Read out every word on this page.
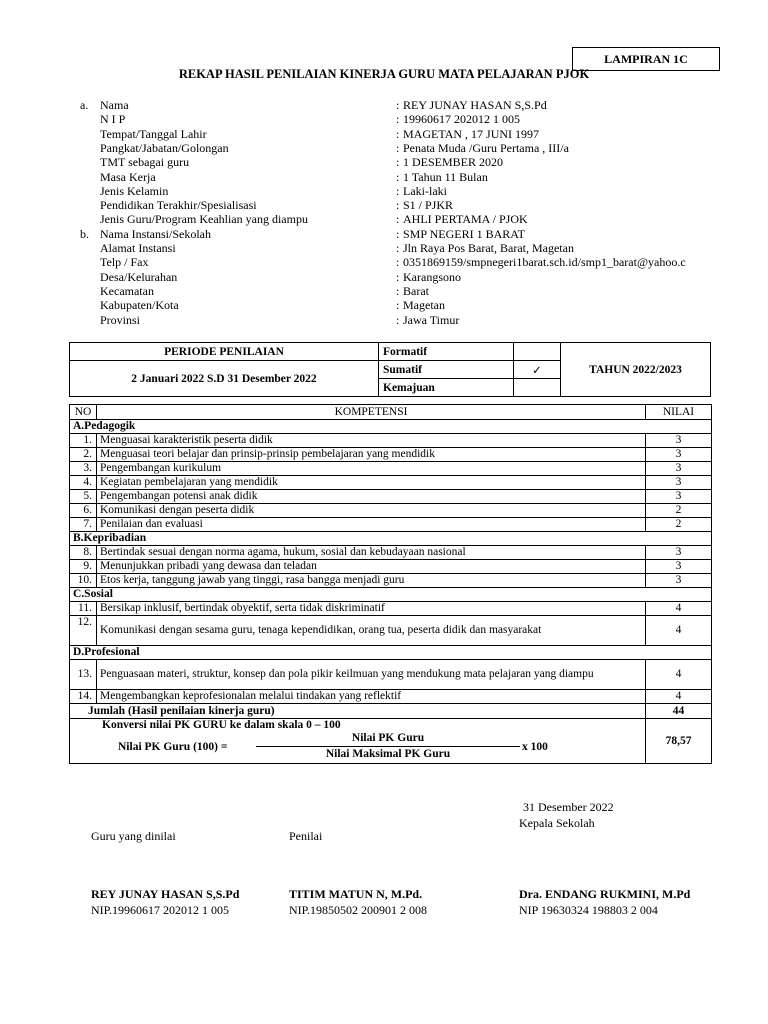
LAMPIRAN 1C
REKAP HASIL PENILAIAN KINERJA GURU MATA PELAJARAN PJOK
a. Nama	: REY JUNAY HASAN S,S.Pd
N I P	: 19960617 202012 1 005
Tempat/Tanggal Lahir	: MAGETAN , 17 JUNI 1997
Pangkat/Jabatan/Golongan	: Penata Muda /Guru Pertama , III/a
TMT sebagai guru	: 1 DESEMBER 2020
Masa Kerja	: 1 Tahun 11 Bulan
Jenis Kelamin	: Laki-laki
Pendidikan Terakhir/Spesialisasi	: S1 / PJKR
Jenis Guru/Program Keahlian yang diampu	: AHLI PERTAMA / PJOK
b. Nama Instansi/Sekolah	: SMP NEGERI 1 BARAT
Alamat Instansi	: Jln Raya Pos Barat, Barat, Magetan
Telp / Fax	: 0351869159/smpnegeri1barat.sch.id/smp1_barat@yahoo.c
Desa/Kelurahan	: Karangsono
Kecamatan	: Barat
Kabupaten/Kota	: Magetan
Provinsi	: Jawa Timur
PERIODE PENILAIAN	Formatif		TAHUN 2022/2023
2 Januari 2022 S.D 31 Desember 2022	Sumatif	✓	
	Kemajuan		
NO	KOMPETENSI	NILAI
A.Pedagogik		
1.	Menguasai karakteristik peserta didik	3
2.	Menguasai teori belajar dan prinsip-prinsip pembelajaran yang mendidik	3
3.	Pengembangan kurikulum	3
4.	Kegiatan pembelajaran yang mendidik	3
5.	Pengembangan potensi anak didik	3
6.	Komunikasi dengan peserta didik	2
7.	Penilaian dan evaluasi	2
B.Kepribadian		
8.	Bertindak sesuai dengan norma agama, hukum, sosial dan kebudayaan nasional	3
9.	Menunjukkan pribadi yang dewasa dan teladan	3
10.	Etos kerja, tanggung jawab yang tinggi, rasa bangga menjadi guru	3
C.Sosial		
11.	Bersikap inklusif, bertindak obyektif, serta tidak diskriminatif	4
12.	Komunikasi dengan sesama guru, tenaga kependidikan, orang tua, peserta didik dan masyarakat	4
D.Profesional		
13.	Penguasaan materi, struktur, konsep dan pola pikir keilmuan yang mendukung mata pelajaran yang diampu	4
14.	Mengembangkan keprofesionalan melalui tindakan yang reflektif	4
Jumlah (Hasil penilaian kinerja guru)		44

Konversi nilai PK GURU ke dalam skala 0 – 100
Nilai PK Guru (100) =
Nilai PK Guru
Nilai Maksimal PK Guru
x 100		78,57
31 Desember 2022
Kepala Sekolah
Guru yang dinilai	Penilai
REY JUNAY HASAN S,S.Pd
NIP.19960617 202012 1 005
TITIM MATUN N, M.Pd.
NIP.19850502 200901 2 008
Dra. ENDANG RUKMINI, M.Pd
NIP 19630324 198803 2 004
